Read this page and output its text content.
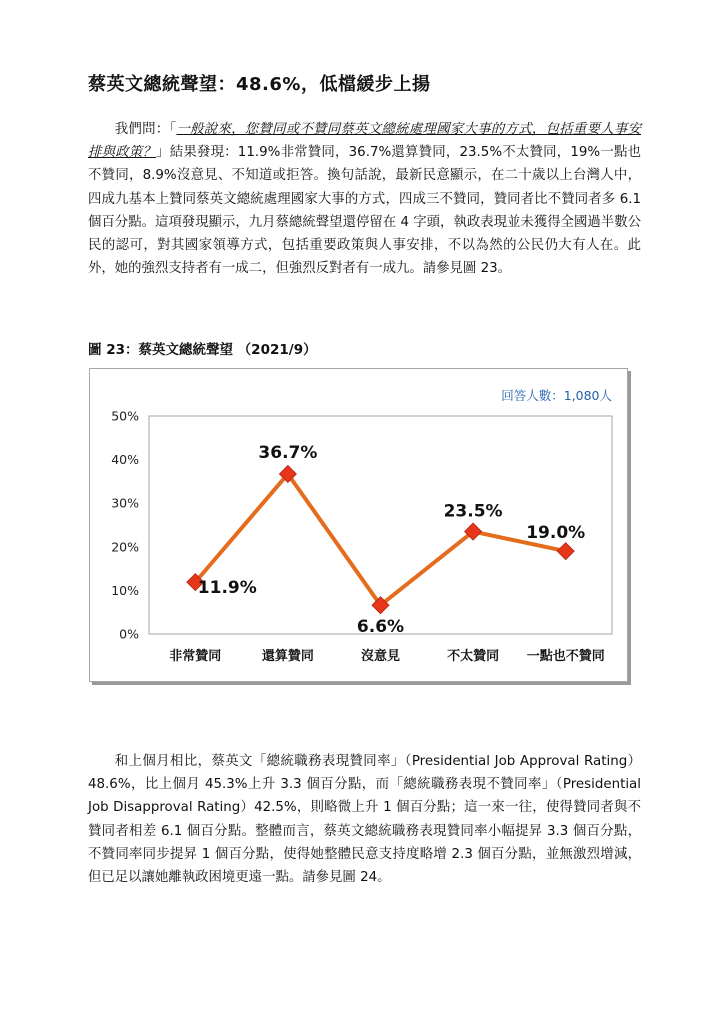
蔡英文總統聲望：48.6%，低檔緩步上揚

我們問：「一般說來，您贊同或不贊同蔡英文總統處理國家大事的方式，包括重要人事安排與政策？」結果發現：11.9%非常贊同，36.7%還算贊同，23.5%不太贊同，19%一點也不贊同，8.9%沒意見、不知道或拒答。換句話說，最新民意顯示，在二十歲以上台灣人中，四成九基本上贊同蔡英文總統處理國家大事的方式，四成三不贊同，贊同者比不贊同者多 6.1 個百分點。這項發現顯示，九月蔡總統聲望還停留在 4 字頭，執政表現並未獲得全國過半數公民的認可，對其國家領導方式，包括重要政策與人事安排，不以為然的公民仍大有人在。此外，她的強烈支持者有一成二，但強烈反對者有一成九。請參見圖 23。

圖 23：蔡英文總統聲望 （2021/9）

回答人數：1,080人
0%
10%
20%
30%
40%
50%
非常贊同	還算贊同	沒意見	不太贊同 一點也不贊同
11.9%
36.7%
6.6%
23.5%
19.0%

和上個月相比，蔡英文「總統職務表現贊同率」（Presidential Job Approval Rating）48.6%，比上個月 45.3%上升 3.3 個百分點，而「總統職務表現不贊同率」（Presidential Job Disapproval Rating）42.5%，則略微上升 1 個百分點；這一來一往，使得贊同者與不贊同者相差 6.1 個百分點。整體而言，蔡英文總統職務表現贊同率小幅提昇 3.3 個百分點，不贊同率同步提昇 1 個百分點，使得她整體民意支持度略增 2.3 個百分點，並無激烈增減，但已足以讓她離執政困境更遠一點。請參見圖 24。
